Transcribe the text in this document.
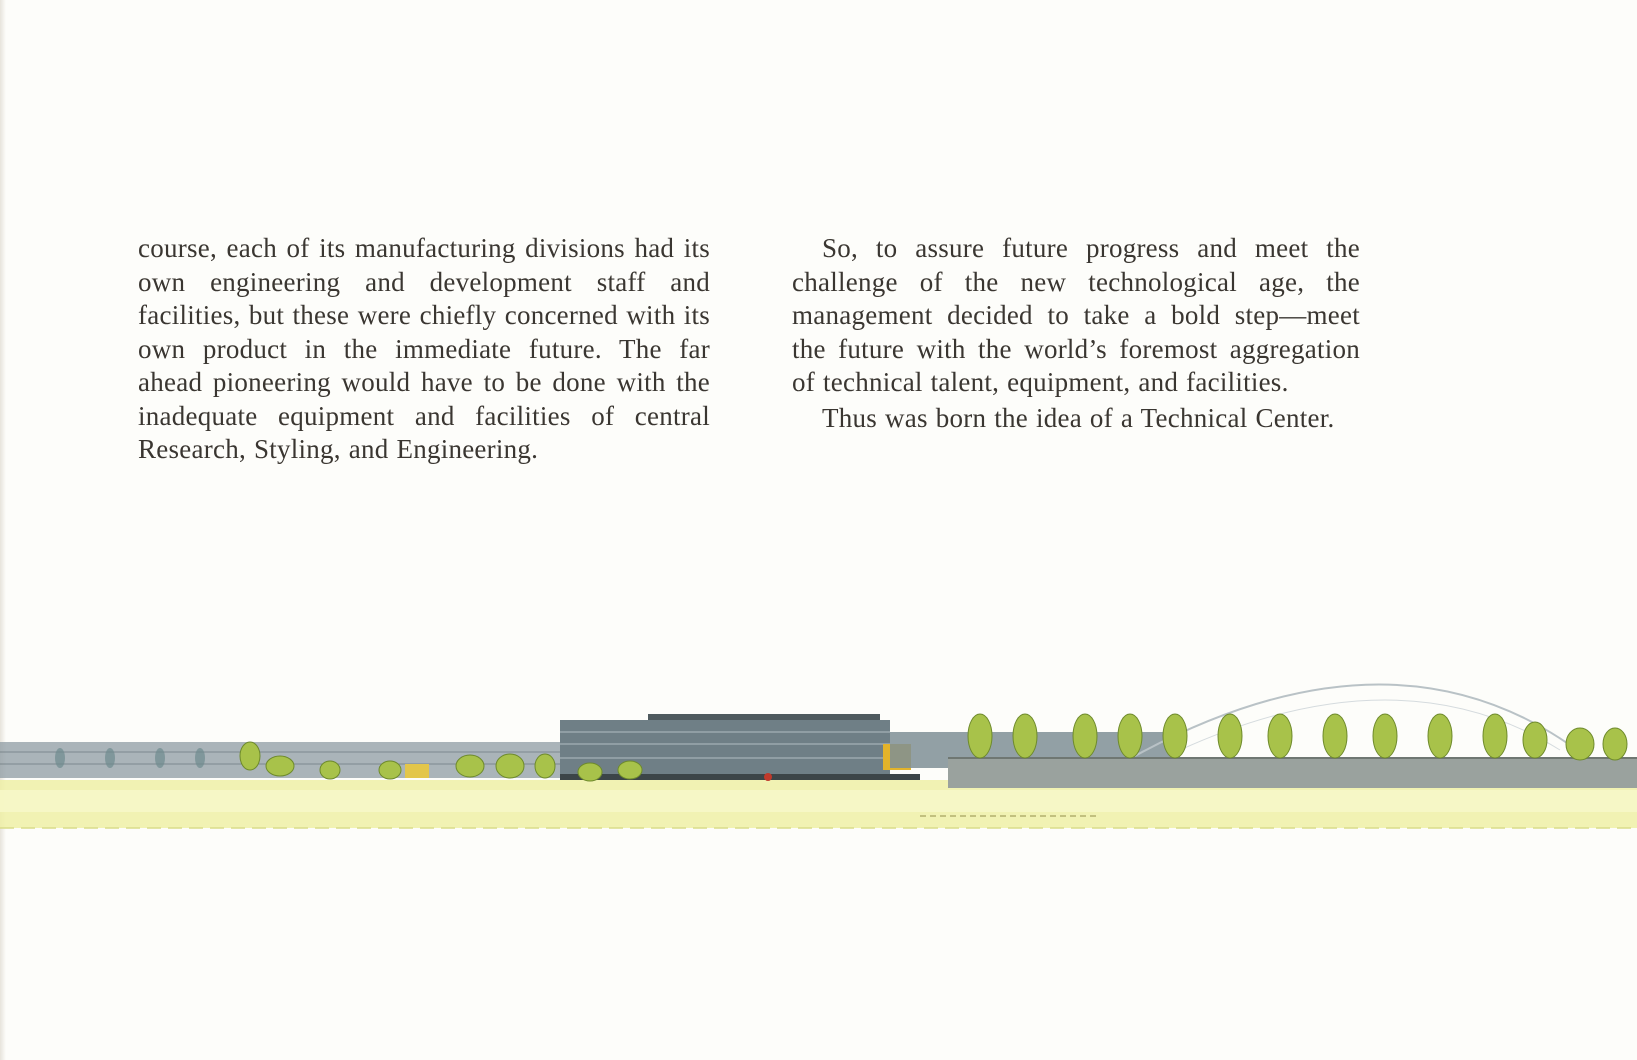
course, each of its manufacturing divisions had its own engineering and development staff and facilities, but these were chiefly concerned with its own product in the immediate future. The far ahead pioneering would have to be done with the inadequate equipment and facilities of central Research, Styling, and Engineering.

So, to assure future progress and meet the challenge of the new technological age, the management decided to take a bold step—meet the future with the world’s foremost aggregation of technical talent, equipment, and facilities.

Thus was born the idea of a Technical Center.
